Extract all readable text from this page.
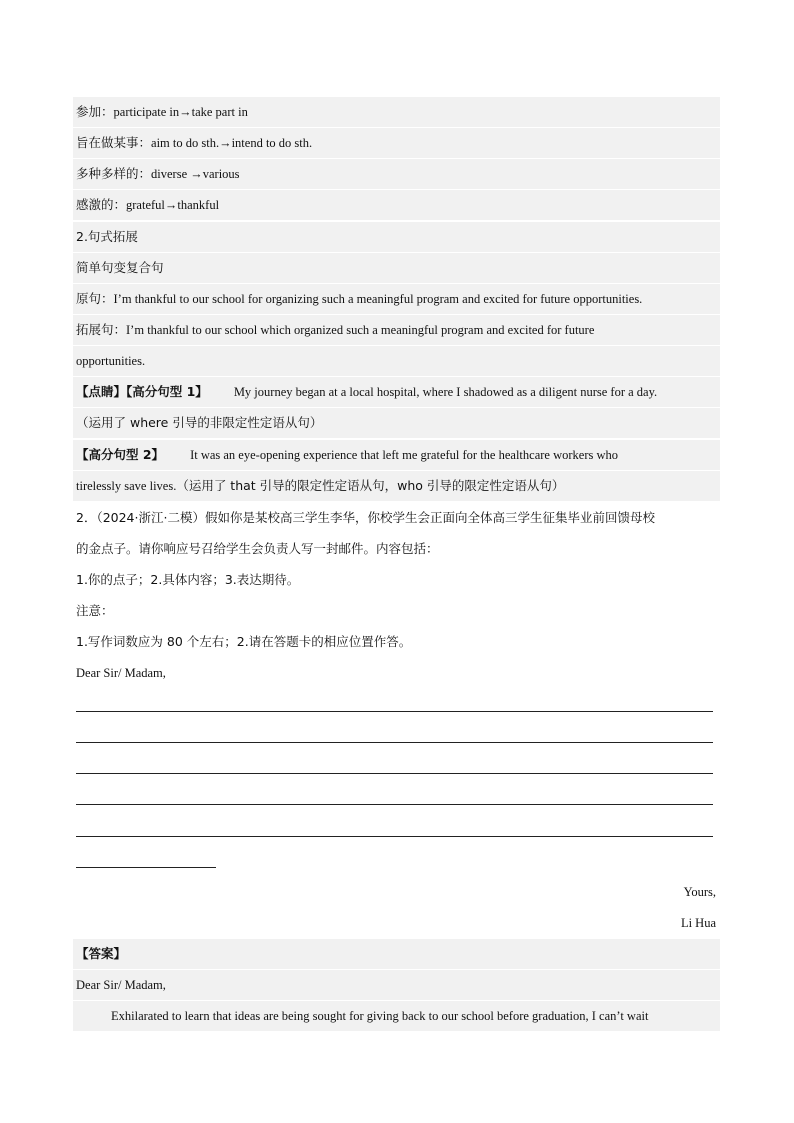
参加：participate in→take part in
旨在做某事：aim to do sth.→intend to do sth.
多种多样的：diverse →various
感激的：grateful→thankful
2.句式拓展
简单句变复合句
原句：I’m thankful to our school for organizing such a meaningful program and excited for future opportunities.
拓展句：I’m thankful to our school which organized such a meaningful program and excited for future
opportunities.
【点睛】【高分句型 1】 My journey began at a local hospital, where I shadowed as a diligent nurse for a day.
（运用了 where 引导的非限定性定语从句）
【高分句型 2】 It was an eye-opening experience that left me grateful for the healthcare workers who
tirelessly save lives.（运用了 that 引导的限定性定语从句，who 引导的限定性定语从句）
2．（2024·浙江·二模）假如你是某校高三学生李华，你校学生会正面向全体高三学生征集毕业前回馈母校
的金点子。请你响应号召给学生会负责人写一封邮件。内容包括：
1.你的点子；2.具体内容；3.表达期待。
注意：
1.写作词数应为 80 个左右；2.请在答题卡的相应位置作答。
Dear Sir/ Madam,
Yours,
Li Hua
【答案】
Dear Sir/ Madam,
Exhilarated to learn that ideas are being sought for giving back to our school before graduation, I can’t wait
